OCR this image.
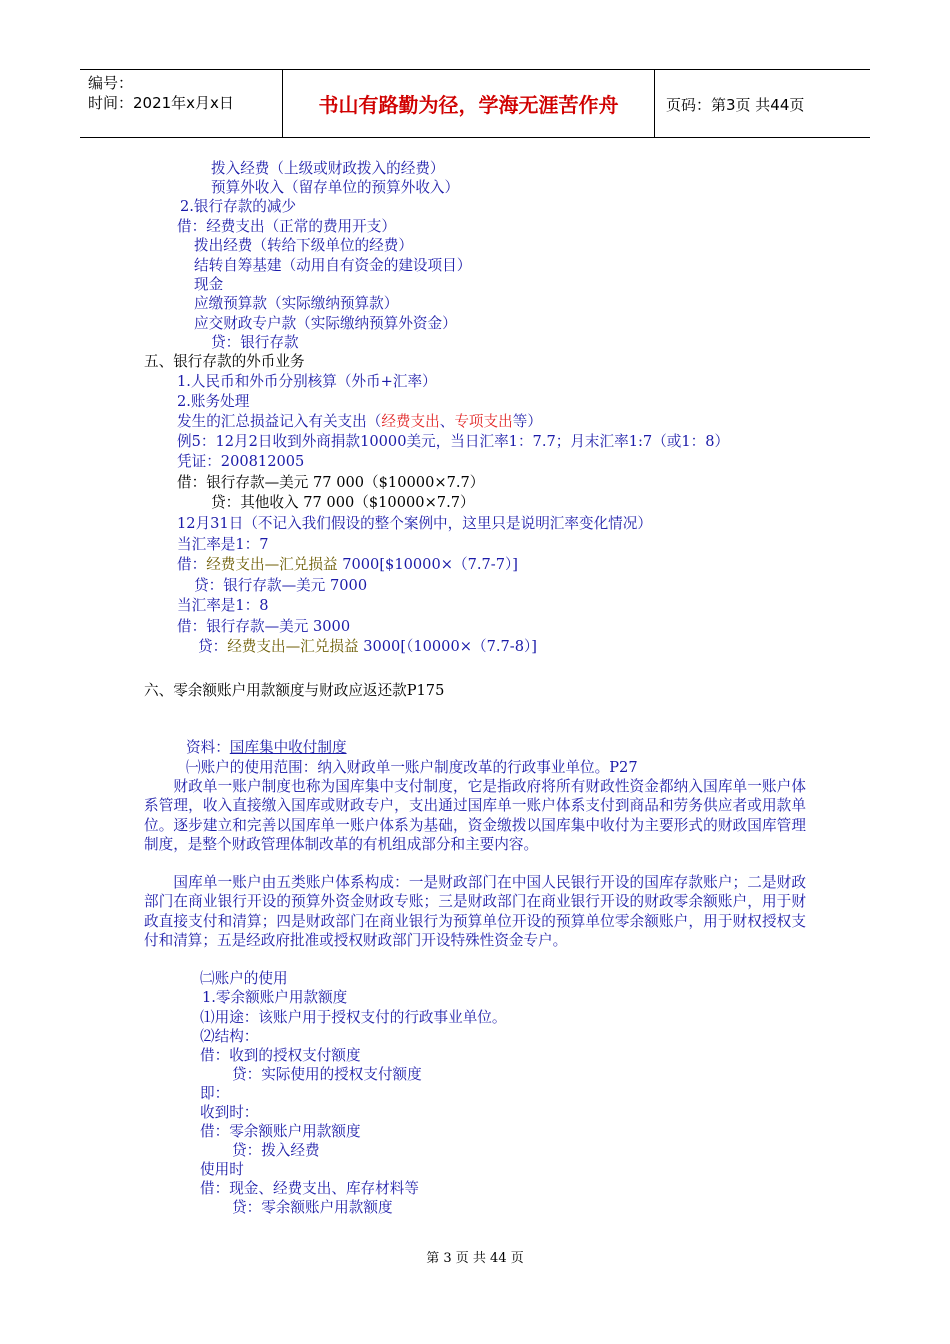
编号：
时间：2021年x月x日	书山有路勤为径，学海无涯苦作舟	页码：第3页 共44页
拨入经费（上级或财政拨入的经费）
预算外收入（留存单位的预算外收入）
2.银行存款的减少
借：经费支出（正常的费用开支）
拨出经费（转给下级单位的经费）
结转自筹基建（动用自有资金的建设项目）
现金
应缴预算款（实际缴纳预算款）
应交财政专户款（实际缴纳预算外资金）
贷：银行存款
五、银行存款的外币业务
1.人民币和外币分别核算（外币+汇率）
2.账务处理
发生的汇总损益记入有关支出（经费支出、专项支出等）
例5：12月2日收到外商捐款10000美元，当日汇率1：7.7；月末汇率1:7（或1：8）
凭证：200812005
借：银行存款—美元 77 000（$10000×7.7）
贷：其他收入 77 000（$10000×7.7）
12月31日（不记入我们假设的整个案例中，这里只是说明汇率变化情况）
当汇率是1：7
借：经费支出—汇兑损益 7000[$10000×（7.7-7）]
贷：银行存款—美元 7000
当汇率是1：8
借：银行存款—美元 3000
贷：经费支出—汇兑损益 3000[（10000×（7.7-8）]
六、零余额账户用款额度与财政应返还款P175
资料：国库集中收付制度
㈠账户的使用范围：纳入财政单一账户制度改革的行政事业单位。P27
　　财政单一账户制度也称为国库集中支付制度，它是指政府将所有财政性资金都纳入国库单一账户体系管理，收入直接缴入国库或财政专户，支出通过国库单一账户体系支付到商品和劳务供应者或用款单位。逐步建立和完善以国库单一账户体系为基础，资金缴拨以国库集中收付为主要形式的财政国库管理制度，是整个财政管理体制改革的有机组成部分和主要内容。
　　国库单一账户由五类账户体系构成：一是财政部门在中国人民银行开设的国库存款账户；二是财政部门在商业银行开设的预算外资金财政专账；三是财政部门在商业银行开设的财政零余额账户，用于财政直接支付和清算；四是财政部门在商业银行为预算单位开设的预算单位零余额账户，用于财权授权支付和清算；五是经政府批准或授权财政部门开设特殊性资金专户。
㈡账户的使用
1.零余额账户用款额度
⑴用途：该账户用于授权支付的行政事业单位。
⑵结构：
借：收到的授权支付额度
贷：实际使用的授权支付额度
即：
收到时：
借：零余额账户用款额度
贷：拨入经费
使用时
借：现金、经费支出、库存材料等
贷：零余额账户用款额度
第 3 页 共 44 页
